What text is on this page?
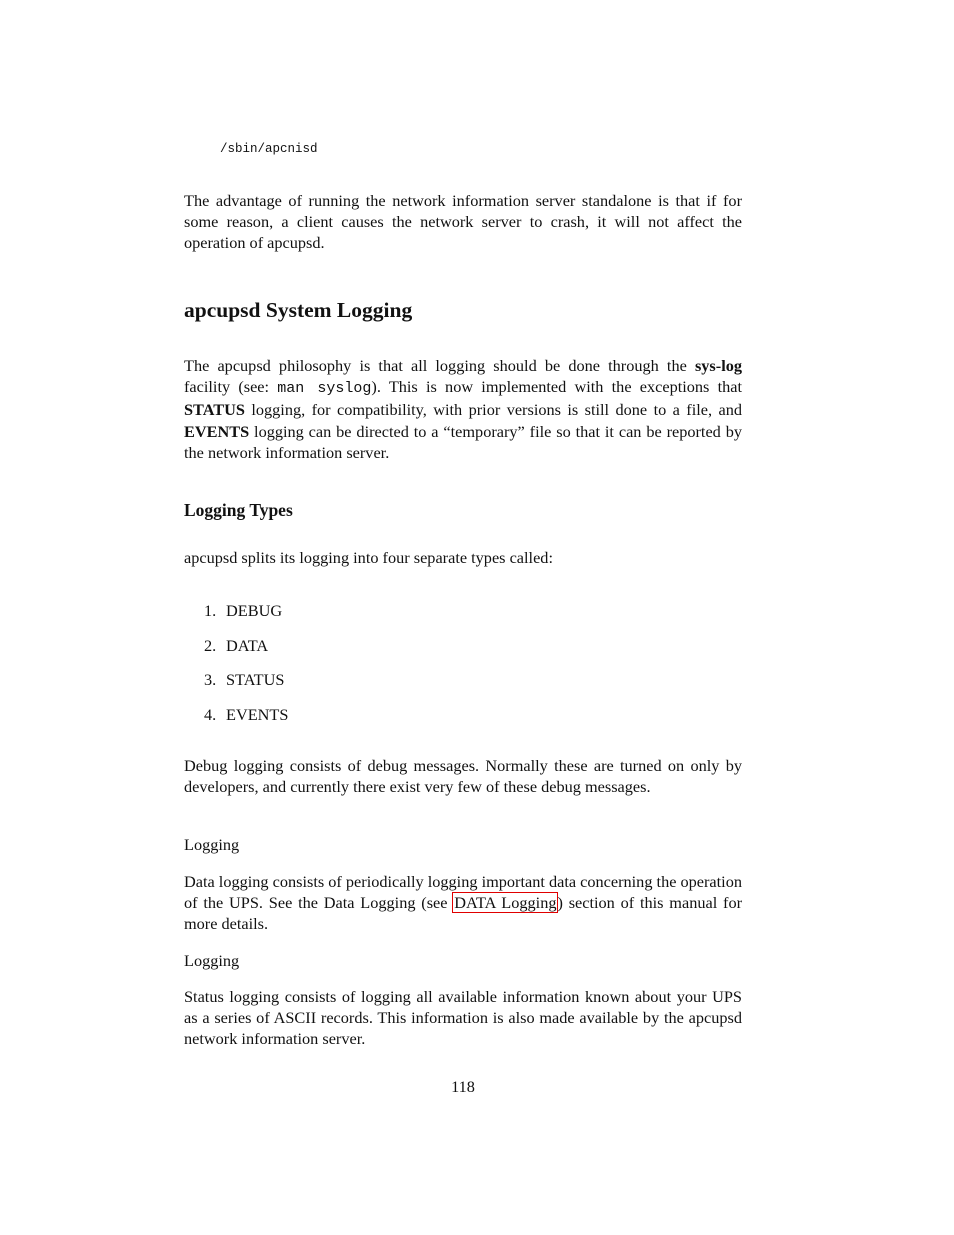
/sbin/apcnisd

The advantage of running the network information server standalone is that if for some reason, a client causes the network server to crash, it will not affect the operation of apcupsd.

apcupsd System Logging

The apcupsd philosophy is that all logging should be done through the sys-log facility (see: man syslog). This is now implemented with the exceptions that STATUS logging, for compatibility, with prior versions is still done to a file, and EVENTS logging can be directed to a “temporary” file so that it can be reported by the network information server.

Logging Types

apcupsd splits its logging into four separate types called:

1. DEBUG
2. DATA
3. STATUS
4. EVENTS

Debug logging consists of debug messages. Normally these are turned on only by developers, and currently there exist very few of these debug messages.

Logging

Data logging consists of periodically logging important data concerning the operation of the UPS. See the Data Logging (see DATA Logging) section of this manual for more details.

Logging

Status logging consists of logging all available information known about your UPS as a series of ASCII records. This information is also made available by the apcupsd network information server.

118
